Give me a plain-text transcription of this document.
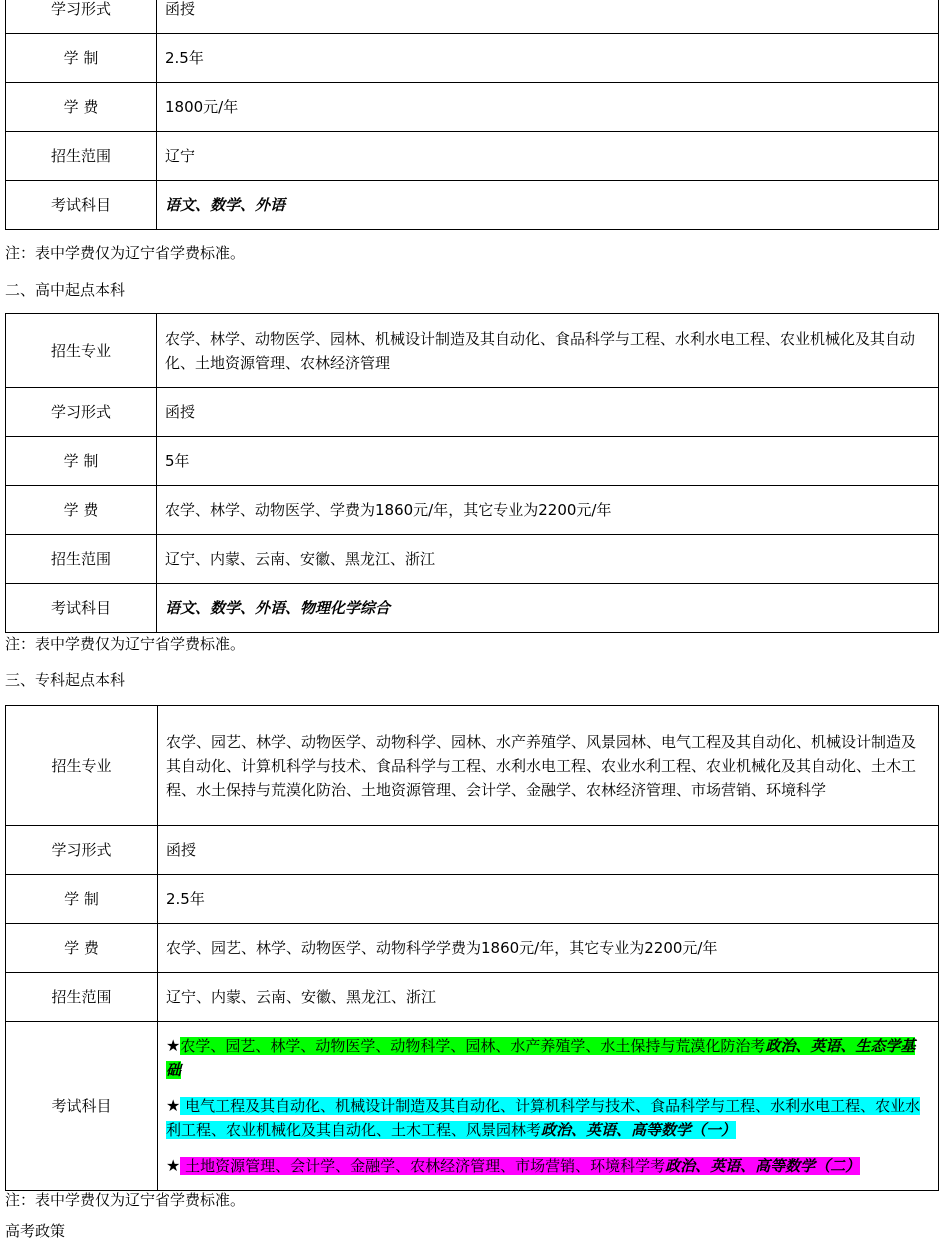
学习形式	函授
学 制	2.5年
学 费	1800元/年
招生范围	辽宁
考试科目	语文、数学、外语
注：表中学费仅为辽宁省学费标准。
二、高中起点本科
招生专业	农学、林学、动物医学、园林、机械设计制造及其自动化、食品科学与工程、水利水电工程、农业机械化及其自动化、土地资源管理、农林经济管理
学习形式	函授
学 制	5年
学 费	农学、林学、动物医学、学费为1860元/年，其它专业为2200元/年
招生范围	辽宁、内蒙、云南、安徽、黑龙江、浙江
考试科目	语文、数学、外语、物理化学综合
注：表中学费仅为辽宁省学费标准。
三、专科起点本科
招生专业	农学、园艺、林学、动物医学、动物科学、园林、水产养殖学、风景园林、电气工程及其自动化、机械设计制造及其自动化、计算机科学与技术、食品科学与工程、水利水电工程、农业水利工程、农业机械化及其自动化、土木工程、水土保持与荒漠化防治、土地资源管理、会计学、金融学、农林经济管理、市场营销、环境科学
学习形式	函授
学 制	2.5年
学 费	农学、园艺、林学、动物医学、动物科学学费为1860元/年，其它专业为2200元/年
招生范围	辽宁、内蒙、云南、安徽、黑龙江、浙江
考试科目	★农学、园艺、林学、动物医学、动物科学、园林、水产养殖学、水土保持与荒漠化防治考政治、英语、生态学基础

★ 电气工程及其自动化、机械设计制造及其自动化、计算机科学与技术、食品科学与工程、水利水电工程、农业水利工程、农业机械化及其自动化、土木工程、风景园林考政治、英语、高等数学（一）

★ 土地资源管理、会计学、金融学、农林经济管理、市场营销、环境科学考政治、英语、高等数学（二）

注：表中学费仅为辽宁省学费标准。
高考政策
